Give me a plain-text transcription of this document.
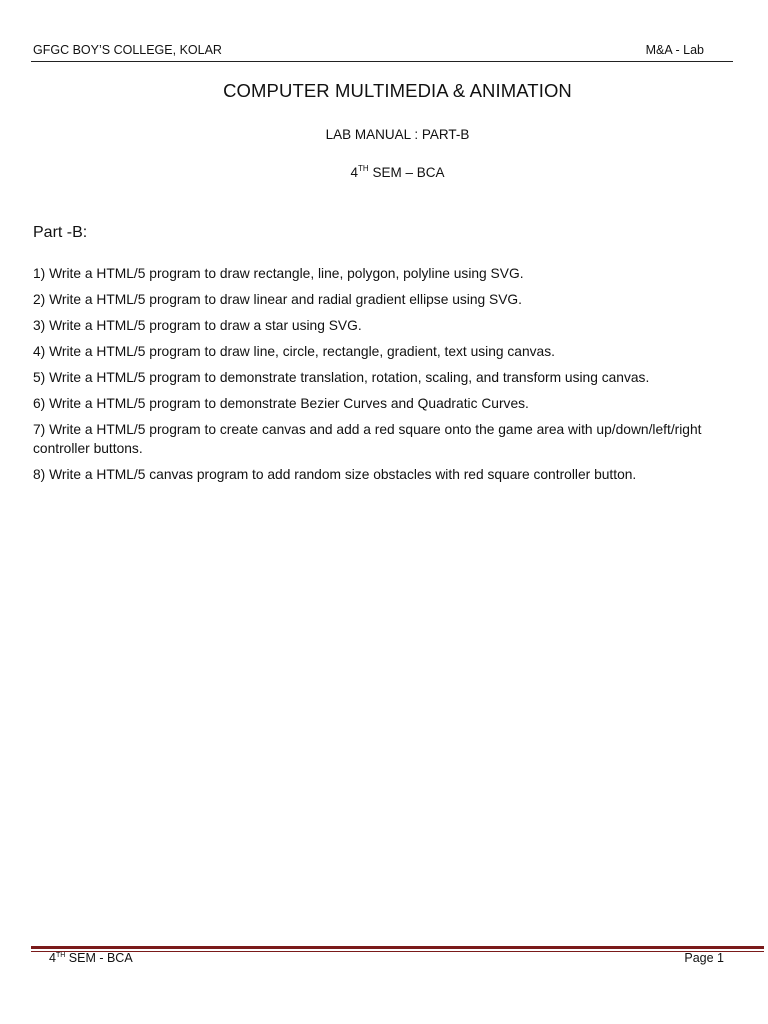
GFGC BOY’S COLLEGE, KOLAR	M&A - Lab
COMPUTER MULTIMEDIA & ANIMATION
LAB MANUAL : PART-B
4TH SEM – BCA
Part -B:
1) Write a HTML/5 program to draw rectangle, line, polygon, polyline using SVG.
2) Write a HTML/5 program to draw linear and radial gradient ellipse using SVG.
3) Write a HTML/5 program to draw a star using SVG.
4) Write a HTML/5 program to draw line, circle, rectangle, gradient, text using canvas.
5) Write a HTML/5 program to demonstrate translation, rotation, scaling, and transform using canvas.
6) Write a HTML/5 program to demonstrate Bezier Curves and Quadratic Curves.
7) Write a HTML/5 program to create canvas and add a red square onto the game area with up/down/left/right controller buttons.
8) Write a HTML/5 canvas program to add random size obstacles with red square controller button.
4TH SEM - BCA	Page 1
